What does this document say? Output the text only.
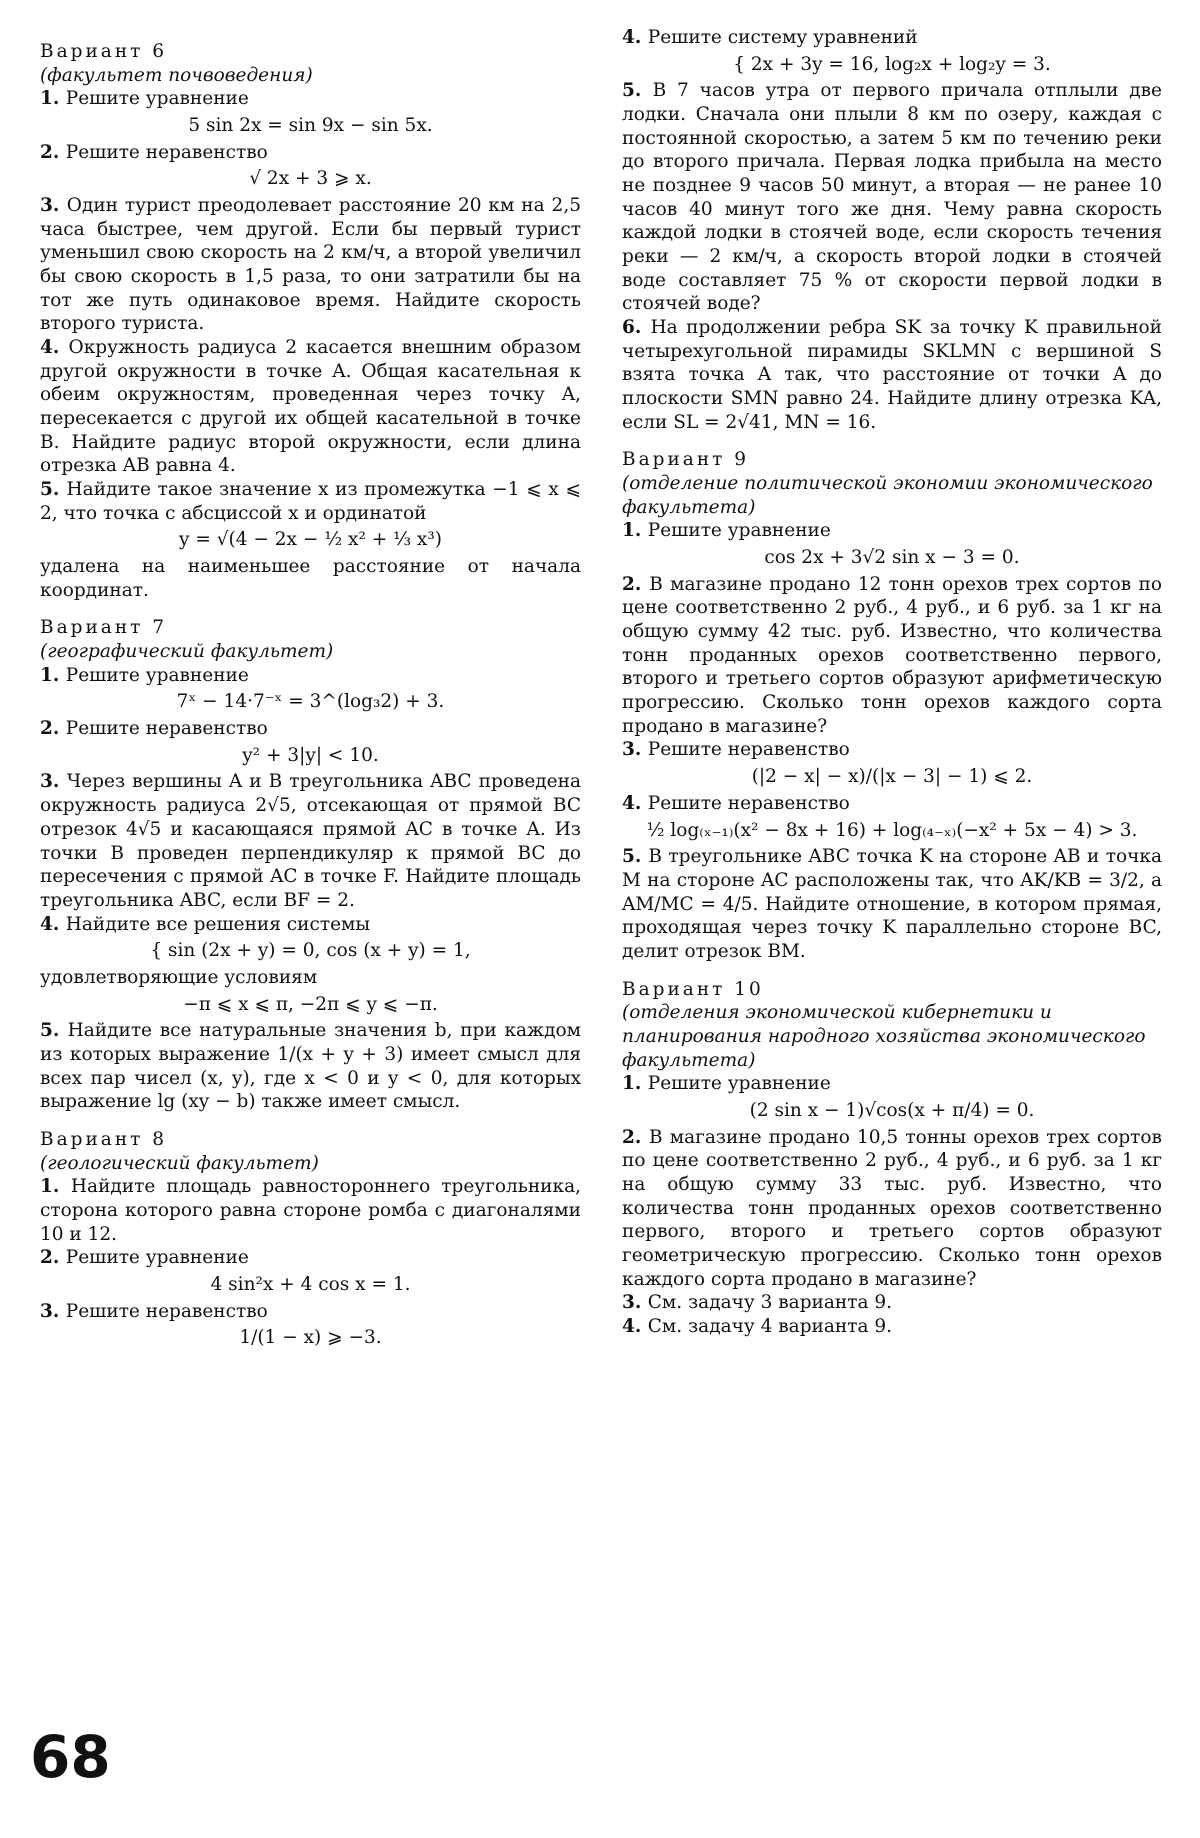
Вариант 6
(факультет почвоведения)

1. Решите уравнение

5 sin 2x = sin 9x − sin 5x.

2. Решите неравенство

√ 2x + 3 ⩾ x.

3. Один турист преодолевает расстояние 20 км на 2,5 часа быстрее, чем другой. Если бы первый турист уменьшил свою скорость на 2 км/ч, а второй увеличил бы свою скорость в 1,5 раза, то они затратили бы на тот же путь одинаковое время. Найдите скорость второго туриста.

4. Окружность радиуса 2 касается внешним образом другой окружности в точке A. Общая касательная к обеим окружностям, проведенная через точку A, пересекается с другой их общей касательной в точке B. Найдите радиус второй окружности, если длина отрезка AB равна 4.

5. Найдите такое значение x из промежутка −1 ⩽ x ⩽ 2, что точка с абсциссой x и ординатой

y = √(4 − 2x − ½ x² + ⅓ x³)

удалена на наименьшее расстояние от начала координат.

Вариант 7
(географический факультет)

1. Решите уравнение

7ˣ − 14·7⁻ˣ = 3^(log₃2) + 3.

2. Решите неравенство

y² + 3|y| < 10.

3. Через вершины A и B треугольника ABC проведена окружность радиуса 2√5, отсекающая от прямой BC отрезок 4√5 и касающаяся прямой AC в точке A. Из точки B проведен перпендикуляр к прямой BC до пересечения с прямой AC в точке F. Найдите площадь треугольника ABC, если BF = 2.

4. Найдите все решения системы

{ sin (2x + y) = 0, cos (x + y) = 1,

удовлетворяющие условиям

−π ⩽ x ⩽ π, −2π ⩽ y ⩽ −π.

5. Найдите все натуральные значения b, при каждом из которых выражение 1/(x + y + 3) имеет смысл для всех пар чисел (x, y), где x < 0 и y < 0, для которых выражение lg (xy − b) также имеет смысл.

Вариант 8
(геологический факультет)

1. Найдите площадь равностороннего треугольника, сторона которого равна стороне ромба с диагоналями 10 и 12.

2. Решите уравнение

4 sin²x + 4 cos x = 1.

3. Решите неравенство

1/(1 − x) ⩾ −3.

4. Решите систему уравнений

{ 2x + 3y = 16, log₂x + log₂y = 3.

5. В 7 часов утра от первого причала отплыли две лодки. Сначала они плыли 8 км по озеру, каждая с постоянной скоростью, а затем 5 км по течению реки до второго причала. Первая лодка прибыла на место не позднее 9 часов 50 минут, а вторая — не ранее 10 часов 40 минут того же дня. Чему равна скорость каждой лодки в стоячей воде, если скорость течения реки — 2 км/ч, а скорость второй лодки в стоячей воде составляет 75 % от скорости первой лодки в стоячей воде?

6. На продолжении ребра SK за точку K правильной четырехугольной пирамиды SKLMN с вершиной S взята точка A так, что расстояние от точки A до плоскости SMN равно 24. Найдите длину отрезка KA, если SL = 2√41, MN = 16.

Вариант 9
(отделение политической экономии экономического факультета)

1. Решите уравнение

cos 2x + 3√2 sin x − 3 = 0.

2. В магазине продано 12 тонн орехов трех сортов по цене соответственно 2 руб., 4 руб., и 6 руб. за 1 кг на общую сумму 42 тыс. руб. Известно, что количества тонн проданных орехов соответственно первого, второго и третьего сортов образуют арифметическую прогрессию. Сколько тонн орехов каждого сорта продано в магазине?

3. Решите неравенство

(|2 − x| − x)/(|x − 3| − 1) ⩽ 2.

4. Решите неравенство

½ log₍ₓ₋₁₎(x² − 8x + 16) + log₍₄₋ₓ₎(−x² + 5x − 4) > 3.

5. В треугольнике ABC точка K на стороне AB и точка M на стороне AC расположены так, что AK/KB = 3/2, а AM/MC = 4/5. Найдите отношение, в котором прямая, проходящая через точку K параллельно стороне BC, делит отрезок BM.

Вариант 10
(отделения экономической кибернетики и планирования народного хозяйства экономического факультета)

1. Решите уравнение

(2 sin x − 1)√cos(x + π/4) = 0.

2. В магазине продано 10,5 тонны орехов трех сортов по цене соответственно 2 руб., 4 руб., и 6 руб. за 1 кг на общую сумму 33 тыс. руб. Известно, что количества тонн проданных орехов соответственно первого, второго и третьего сортов образуют геометрическую прогрессию. Сколько тонн орехов каждого сорта продано в магазине?

3. См. задачу 3 варианта 9.

4. См. задачу 4 варианта 9.

68
